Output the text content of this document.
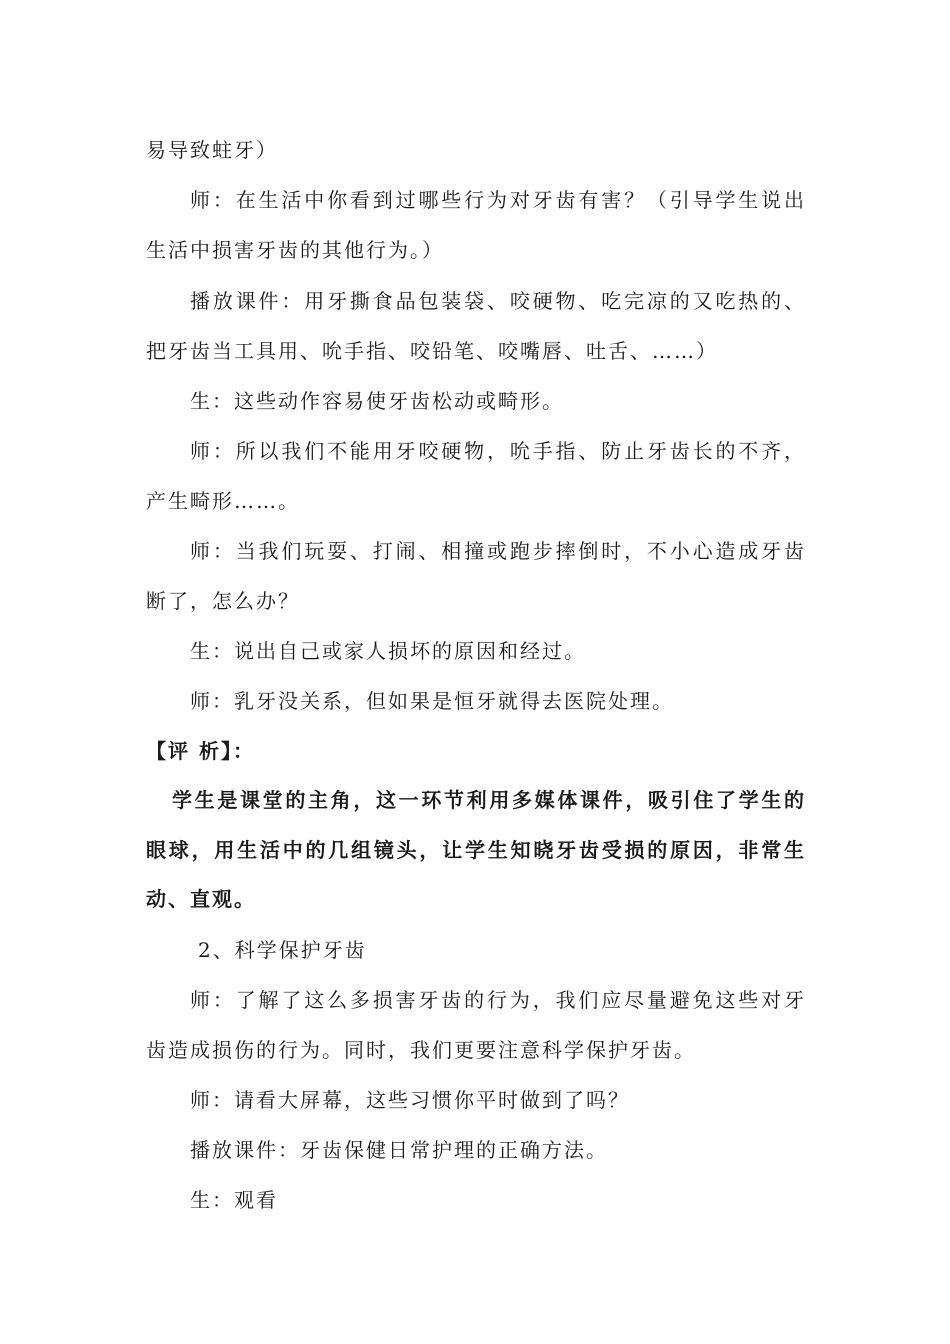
易导致蛀牙）
师：在生活中你看到过哪些行为对牙齿有害？（引导学生说出
生活中损害牙齿的其他行为。）
播放课件：用牙撕食品包装袋、咬硬物、吃完凉的又吃热的、
把牙齿当工具用、吮手指、咬铅笔、咬嘴唇、吐舌、……）
生：这些动作容易使牙齿松动或畸形。
师：所以我们不能用牙咬硬物，吮手指、防止牙齿长的不齐，
产生畸形……。
师：当我们玩耍、打闹、相撞或跑步摔倒时，不小心造成牙齿
断了，怎么办？
生：说出自己或家人损坏的原因和经过。
师：乳牙没关系，但如果是恒牙就得去医院处理。
【评 析】：
学生是课堂的主角，这一环节利用多媒体课件，吸引住了学生的
眼球，用生活中的几组镜头，让学生知晓牙齿受损的原因，非常生
动、直观。
2、科学保护牙齿
师：了解了这么多损害牙齿的行为，我们应尽量避免这些对牙
齿造成损伤的行为。同时，我们更要注意科学保护牙齿。
师：请看大屏幕，这些习惯你平时做到了吗？
播放课件：牙齿保健日常护理的正确方法。
生：观看
